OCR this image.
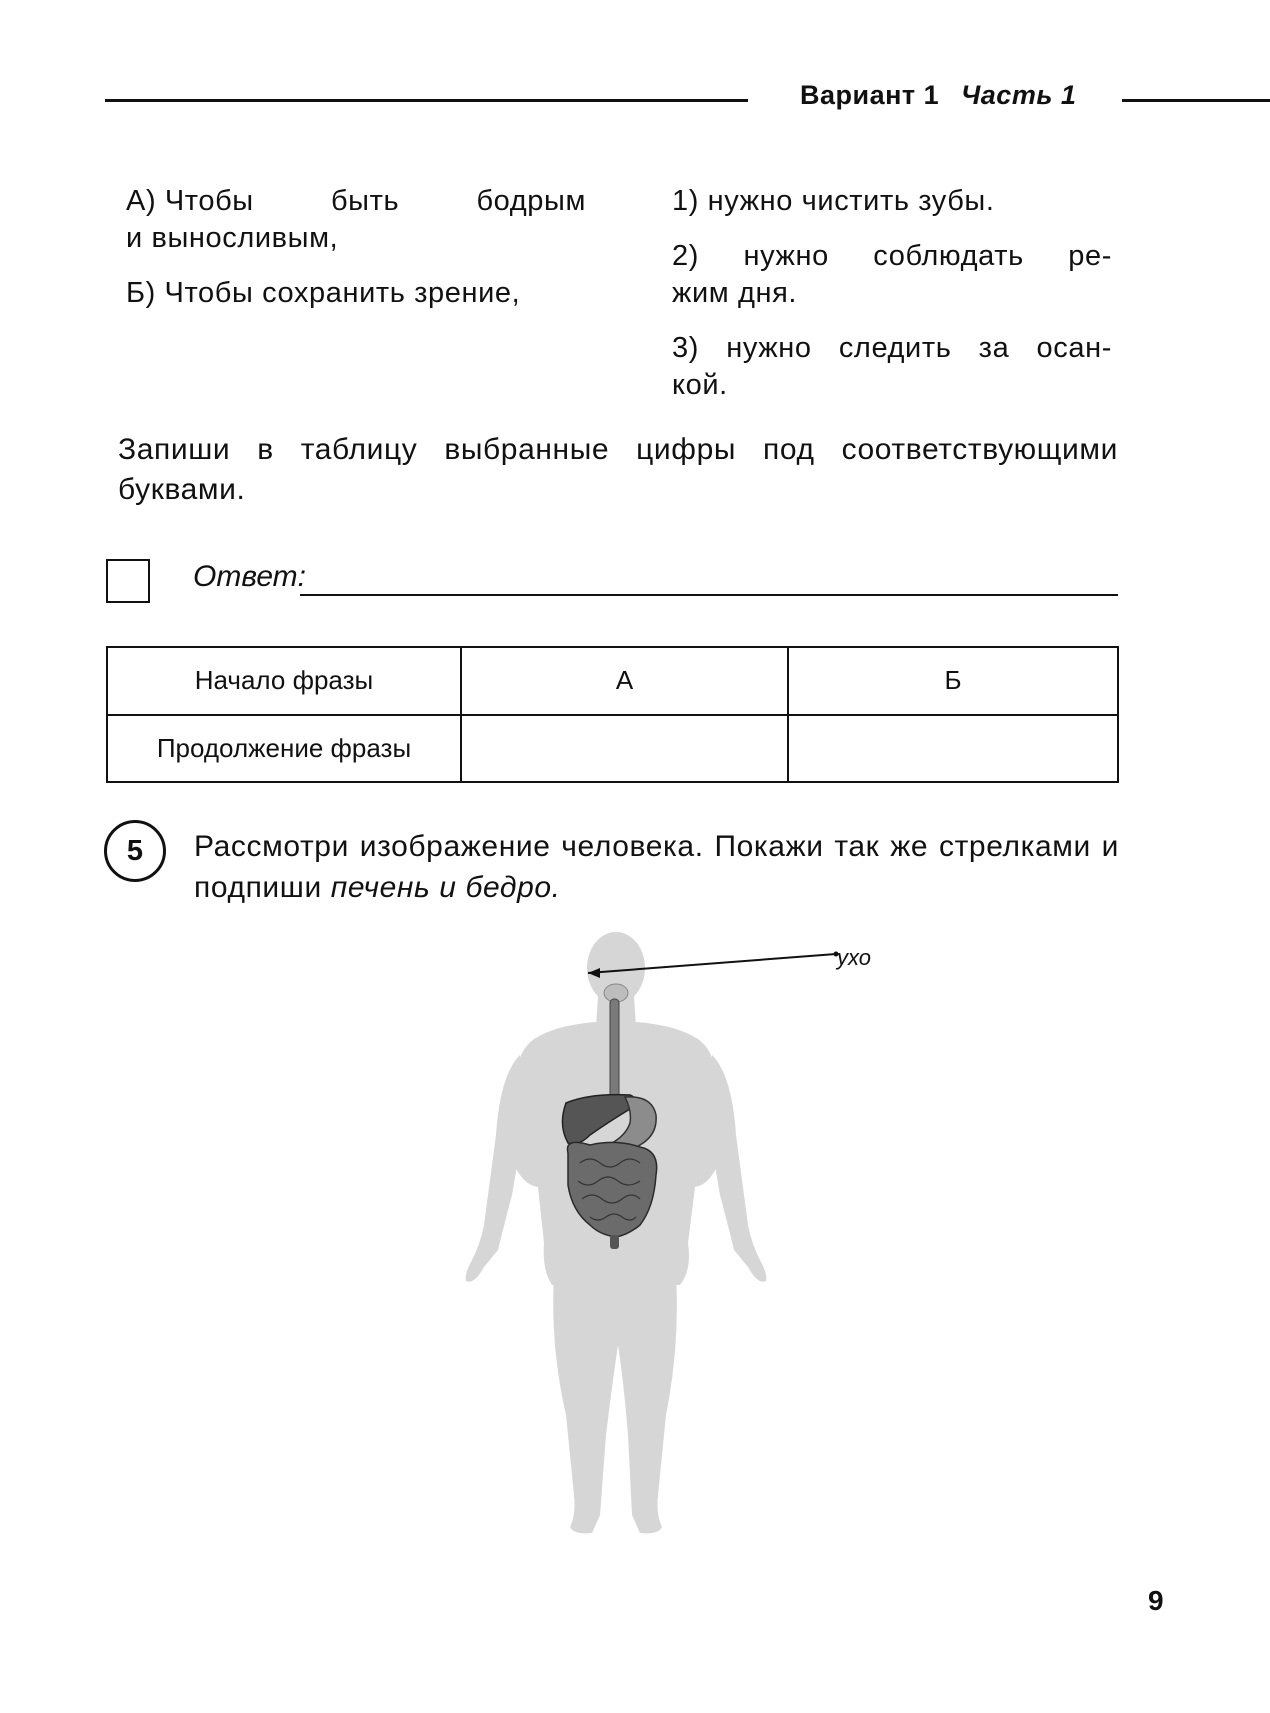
Вариант 1 Часть 1
А) Чтобы	быть	бодрым
и выносливым,
Б) Чтобы сохранить зрение,
1) нужно чистить зубы.
2) нужно соблюдать ре-
жим дня.
3) нужно следить за осан-
кой.
Запиши в таблицу выбранные цифры под соответствующими буквами.
Ответ:
Начало фразы	А	Б
Продолжение фразы		
5	Рассмотри изображение человека. Покажи так же стрелками и подпиши печень и бедро.
ухо
9
